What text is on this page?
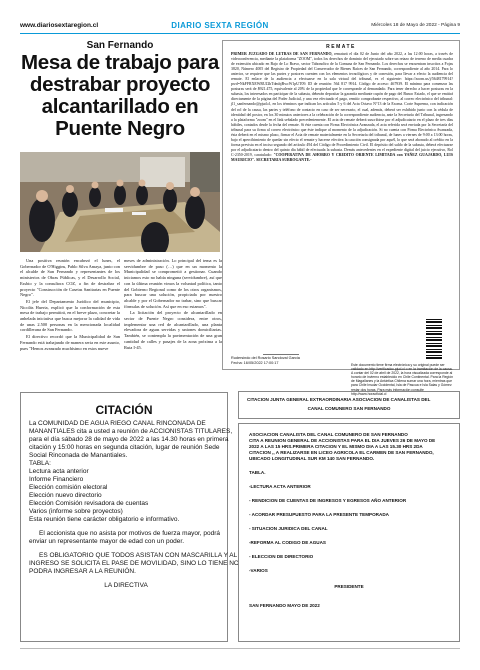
www.diariosextaregion.cl	DIARIO SEXTA REGIÓN	Miércoles 18 de Mayo de 2022 - Página 9
San Fernando
Mesa de trabajo para destrabar proyecto alcantarillado en Puente Negro

Una positiva reunión encabezó el lunes, el Gobernador de O'Higgins, Pablo Silva Amaya, junto con el alcalde de San Fernando y representantes de los ministerios de Obras Públicas, y el Desarrollo Social, Essbio y la consultora COZ, a fin de destrabar el proyecto "Construcción de Casetas Sanitarias en Puente Negro".

El jefe del Departamento Jurídico del municipio, Nicolás Huerta, explicó que la conformación de esta mesa de trabajo permitirá, en el breve plazo, concretar la anhelada iniciativa que busca mejorar la calidad de vida de unas 2.500 personas en la mencionada localidad cordillerana de San Fernando.

El directivo recordó que la Municipalidad de San Fernando está trabajando de manera seria en este asunto, pues "Hemos avanzado muchísimo en estos nueve

meses de administración. Lo principal del tema es la servidumbre de paso (…) que en un momento la Municipalidad se comprometió a gestionar. Cuando iniciamos esto no había ninguna (servidumbre), así que con la última reunión vimos la voluntad política, tanto del Gobierno Regional como de los otros organismos, para buscar una solución, propiciada por nuestro alcalde y por el Gobernador no trabar, sino que buscar fórmulas de solución. Así que en eso estamos".

La licitación del proyecto de alcantarillado en sector de Puente Negro considera, entre otros, implementar una red de alcantarillado, una planta elevadora de aguas servidas y uniones domiciliarias. También, se contempla la pavimentación de una gran cantidad de calles y pasajes de la zona próxima a la Ruta I-45.

REMATE
PRIMER JUZGADO DE LETRAS DE SAN FERNANDO, rematará el día 02 de Junio del año 2022, a las 12:00 horas, a través de videoconferencia, mediante la plataforma "ZOOM", todos los derechos de dominio del ejecutado sobre un retazo de terreno de media cuadra de extensión ubicado en Bajo de Lo Bravo, sector Tabonoltro de la Comuna de San Fernando. Los derechos se encuentran inscritos a Fojas 3820, Número 4005 del Registro de Propiedad del Conservador de Bienes Raíces de San Fernando, correspondiente al año 2014. Para lo anterior, se requiere que las partes y postores cuenten con los elementos tecnológicos y de conexión, para llevar a efecto la audiencia del remate. El enlace de la audiencia a efectuarse en la sala virtual del tribunal, es el siguiente: https://zoom.us/j/5648179914?pwd=NkFFRXEWRUJ2bTdmbjBwcW1pUT09. ID de reunión: 564 817 9914. Código de acceso: 467939. El mínimo para comenzar las posturas será de $921.475, equivalente al 20% de la propiedad que le corresponde al demandado. Para tener derecho a hacer posturas en la subasta, los interesados en participar de la subasta, deberán depositar la garantía mediante cupón de pago del Banco Estado, el que se emitirá directamente de la página del Poder Judicial, y una vez efectuado el pago, remitir comprobante respectivo, al correo electrónico del tribunal: jl1_sanfernando@pjud.cl, en los términos que indican los artículos 5 y 6 del Acta Octavo N°13 de la Excma. Corte Suprema, con indicación del rol de la causa, las partes y teléfono de contacto en caso de ser necesario, el cual, además, deberá ser exhibido junto con la cédula de identidad del postor, en los 30 minutos anteriores a la celebración de la correspondiente audiencia, ante la Secretaría del Tribunal, ingresando a la plataforma "zoom" en el link señalado precedentemente. El acta de remate deberá suscribirse por el adjudicatario en el plazo de tres días hábiles, contados desde la fecha del remate. Si éste cuenta con Firma Electrónica Avanzada, el acta referida será enviada por la Secretaría del tribunal para su firma al correo electrónico que éste indique al momento de la adjudicación. Si no cuenta con Firma Electrónica Avanzada, ésta deberá en el mismo plazo, firmar el Acta de remate materialmente en la Secretaría del tribunal, de lunes a viernes de 9:00 a 13:00 horas, bajo el apercibimiento de quedar sin efecto el remate y hacerse efectiva la caución consignada por aquél, lo que será abonado al crédito en la forma prevista en el inciso segundo del artículo 494 del Código de Procedimiento Civil. El depósito del saldo de la subasta, deberá efectuarse por el adjudicatario dentro del quinto día hábil de efectuada la subasta. Demás antecedentes en el expediente digital del juicio ejecutivo, Rol C-2350-2019, caratulado: "COOPERATIVA DE AHORRO Y CREDITO ORIENTE LIMITADA con YAÑEZ GUAJARDO, LUIS MAURICIO". SECRETARIA SUBROGANTE.-
Rudersindo del Rosario Sandoval Garcia
Fecha: 16/05/2022 17:00:17
Este documento tiene firma electrónica y su original puede ser validado en http://verificadoc.pjud.cl o en la tramitación de la causa.
A contar del 02 de abril de 2022, la hora visualizada corresponde al horario de invierno establecido en Chile Continental. Para la Región de Magallanes y la Antártica Chilena sumar una hora, mientras que para Chile Insular Occidental, Isla de Pascua e Isla Salas y Gómez restar dos horas. Para más información consulte http://www.horaoficial.cl
CITACIÓN
La COMUNIDAD DE AGUA RIEGO CANAL RINCONADA DE
MANANTIALES cita a usted a reunión de ACCIONISTAS TITULARES,
para el día sábado 28 de mayo de 2022 a las 14.30 horas en primera
citación y 15:00 horas en segunda citación, lugar de reunión Sede
Social Rinconada de Manantiales.
TABLA:
Lectura acta anterior
Informe Financiero
Elección comisión electoral
Elección nuevo directorio
Elección Comisión revisadora de cuentas
Varios (informe sobre proyectos)
Esta reunión tiene carácter obligatorio e informativo.
El accionista que no asista por motivos de fuerza mayor, podrá
enviar un representante mayor de edad con un poder.
ES OBLIGATORIO QUE TODOS ASISTAN CON MASCARILLA Y AL
INGRESO SE SOLICITA EL PASE DE MOVILIDAD, SINO LO TIENE NO
PODRA INGRESAR A LA REUNIÓN.
LA DIRECTIVA
CITACION JUNTA GENERAL EXTRAORDINARIA ASOCIACION DE CANALISTAS DEL
CANAL COMUNERO SAN FERNANDO
ASOCIACION CANALISTA DEL CANAL COMUNERO DE SAN FERNANDO
CITA A REUNION GENERAL DE ACCIONISTAS PARA EL DIA JUEVES 26 DE MAYO DE
2022 A LAS 15 HRS.PRIMERA CITACION Y EL MISMO DIA A LAS 15.30 HRS 2DA
CITACION ,, A REALIZARSE EN LICEO AGRICOLA EL CARMEN DE SAN FERNANDO,
UBICADO LONGITUDINAL SUR KM 140 SAN FERNANDO.
TABLA.
-LECTURA ACTA ANTERIOR
- RENDICION DE CUENTAS DE INGRESOS Y EGRESOS AÑO ANTERIOR
- ACORDAR PRESUPUESTO PARA LA PRESENTE TEMPORADA
- SITUACION JURIDICA DEL CANAL
-REFORMA AL CODIGO DE AGUAS
- ELECCION DE DIRECTORIO
-VARIOS
PRESIDENTE
SAN FERNANDO MAYO DE 2022
